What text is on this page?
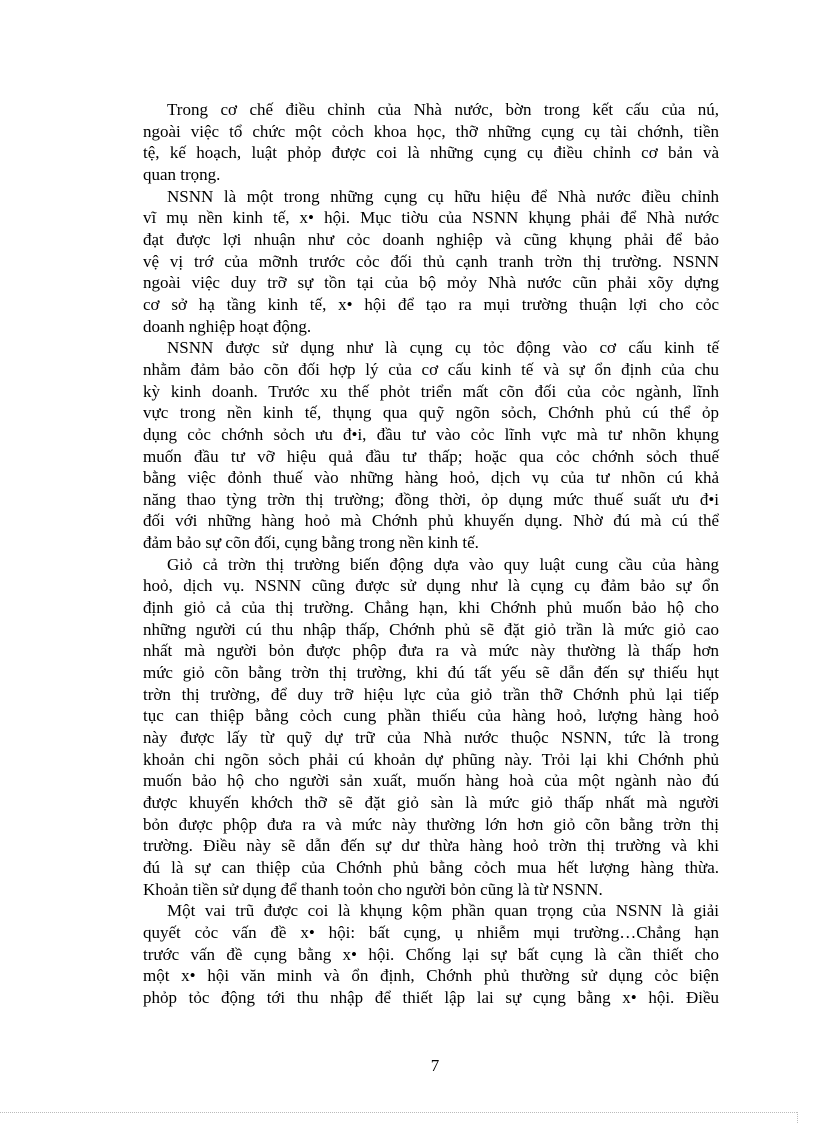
Trong cơ chế điều chỉnh của Nhà nước, bờn trong kết cấu của nú,
ngoài việc tổ chức một cỏch khoa học, thỡ những cụng cụ tài chớnh, tiền
tệ, kế hoạch, luật phỏp được coi là những cụng cụ điều chỉnh cơ bản và
quan trọng.
NSNN là một trong những cụng cụ hữu hiệu để Nhà nước điều chỉnh
vĩ mụ nền kinh tế, x• hội. Mục tiờu của NSNN khụng phải để Nhà nước
đạt được lợi nhuận như cỏc doanh nghiệp và cũng khụng phải để bảo
vệ vị trớ của mỡnh trước cỏc đối thủ cạnh tranh trờn thị trường. NSNN
ngoài việc duy trỡ sự tồn tại của bộ mỏy Nhà nước cũn phải xõy dựng
cơ sở hạ tầng kinh tế, x• hội để tạo ra mụi trường thuận lợi cho cỏc
doanh nghiệp hoạt động.
NSNN được sử dụng như là cụng cụ tỏc động vào cơ cấu kinh tế
nhằm đảm bảo cõn đối hợp lý của cơ cấu kinh tế và sự ổn định của chu
kỳ kinh doanh. Trước xu thế phỏt triển mất cõn đối của cỏc ngành, lĩnh
vực trong nền kinh tế, thụng qua quỹ ngõn sỏch, Chớnh phủ cú thể ỏp
dụng cỏc chớnh sỏch ưu đ•i, đầu tư vào cỏc lĩnh vực mà tư nhõn khụng
muốn đầu tư vỡ hiệu quả đầu tư thấp; hoặc qua cỏc chớnh sỏch thuế
bằng việc đỏnh thuế vào những hàng hoỏ, dịch vụ của tư nhõn cú khả
năng thao tỳng trờn thị trường; đồng thời, ỏp dụng mức thuế suất ưu đ•i
đối với những hàng hoỏ mà Chớnh phủ khuyến dụng. Nhờ đú mà cú thể
đảm bảo sự cõn đối, cụng bằng trong nền kinh tế.
Giỏ cả trờn thị trường biến động dựa vào quy luật cung cầu của hàng
hoỏ, dịch vụ. NSNN cũng được sử dụng như là cụng cụ đảm bảo sự ổn
định giỏ cả của thị trường. Chẳng hạn, khi Chớnh phủ muốn bảo hộ cho
những người cú thu nhập thấp, Chớnh phủ sẽ đặt giỏ trần là mức giỏ cao
nhất mà người bỏn được phộp đưa ra và mức này thường là thấp hơn
mức giỏ cõn bằng trờn thị trường, khi đú tất yếu sẽ dẫn đến sự thiếu hụt
trờn thị trường, để duy trỡ hiệu lực của giỏ trần thỡ Chớnh phủ lại tiếp
tục can thiệp bằng cỏch cung phần thiếu của hàng hoỏ, lượng hàng hoỏ
này được lấy từ quỹ dự trữ của Nhà nước thuộc NSNN, tức là trong
khoản chi ngõn sỏch phải cú khoản dự phũng này. Trỏi lại khi Chớnh phủ
muốn bảo hộ cho người sản xuất, muốn hàng hoà của một ngành nào đú
được khuyến khớch thỡ sẽ đặt giỏ sàn là mức giỏ thấp nhất mà người
bỏn được phộp đưa ra và mức này thường lớn hơn giỏ cõn bằng trờn thị
trường. Điều này sẽ dẫn đến sự dư thừa hàng hoỏ trờn thị trường và khi
đú là sự can thiệp của Chớnh phủ bằng cỏch mua hết lượng hàng thừa.
Khoản tiền sử dụng để thanh toỏn cho người bỏn cũng là từ NSNN.
Một vai trũ được coi là khụng kộm phần quan trọng của NSNN là giải
quyết cỏc vấn đề x• hội: bất cụng, ụ nhiễm mụi trường…Chẳng hạn
trước vấn đề cụng bằng x• hội. Chống lại sự bất cụng là cần thiết cho
một x• hội văn minh và ổn định, Chớnh phủ thường sử dụng cỏc biện
phỏp tỏc động tới thu nhập để thiết lập lai sự cụng bằng x• hội. Điều
7
